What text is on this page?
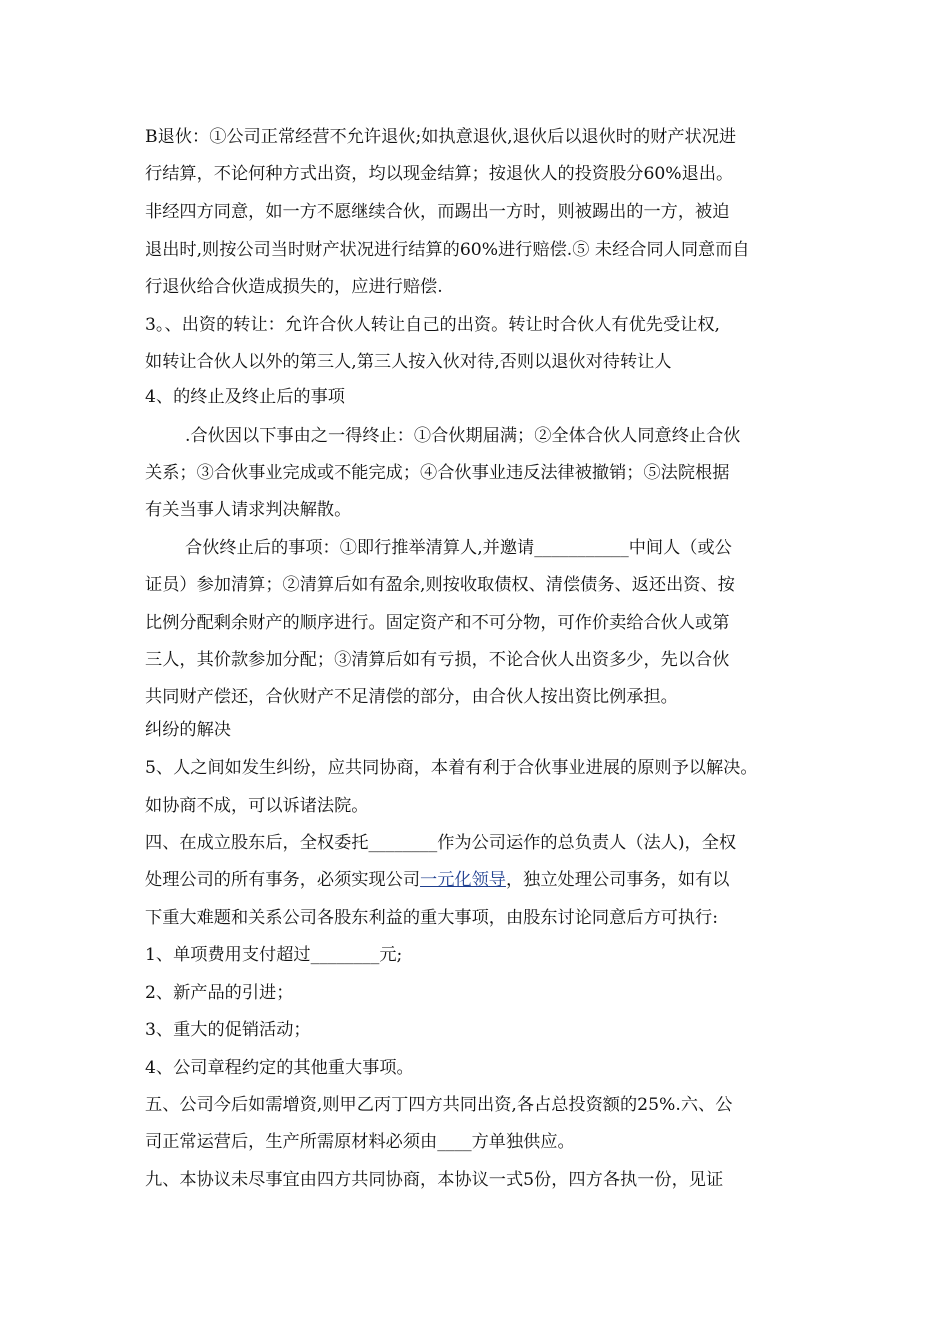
B退伙：①公司正常经营不允许退伙;如执意退伙,退伙后以退伙时的财产状况进
行结算，不论何种方式出资，均以现金结算；按退伙人的投资股分60%退出。
非经四方同意，如一方不愿继续合伙，而踢出一方时，则被踢出的一方，被迫
退出时,则按公司当时财产状况进行结算的60%进行赔偿.⑤ 未经合同人同意而自
行退伙给合伙造成损失的，应进行赔偿.
3。、出资的转让：允许合伙人转让自己的出资。转让时合伙人有优先受让权,
如转让合伙人以外的第三人,第三人按入伙对待,否则以退伙对待转让人
4、的终止及终止后的事项
.合伙因以下事由之一得终止：①合伙期届满；②全体合伙人同意终止合伙
关系；③合伙事业完成或不能完成；④合伙事业违反法律被撤销；⑤法院根据
有关当事人请求判决解散。
合伙终止后的事项：①即行推举清算人,并邀请___________中间人（或公
证员）参加清算；②清算后如有盈余,则按收取债权、清偿债务、返还出资、按
比例分配剩余财产的顺序进行。固定资产和不可分物，可作价卖给合伙人或第
三人，其价款参加分配；③清算后如有亏损，不论合伙人出资多少，先以合伙
共同财产偿还，合伙财产不足清偿的部分，由合伙人按出资比例承担。
纠纷的解决
5、人之间如发生纠纷，应共同协商，本着有利于合伙事业进展的原则予以解决。
如协商不成，可以诉诸法院。
四、在成立股东后，全权委托________作为公司运作的总负责人（法人)，全权
处理公司的所有事务，必须实现公司一元化领导，独立处理公司事务，如有以
下重大难题和关系公司各股东利益的重大事项，由股东讨论同意后方可执行:
1、单项费用支付超过________元;
2、新产品的引进；
3、重大的促销活动；
4、公司章程约定的其他重大事项。
五、公司今后如需增资,则甲乙丙丁四方共同出资,各占总投资额的25%.六、公
司正常运营后，生产所需原材料必须由____方单独供应。
九、本协议未尽事宜由四方共同协商，本协议一式5份，四方各执一份，见证
